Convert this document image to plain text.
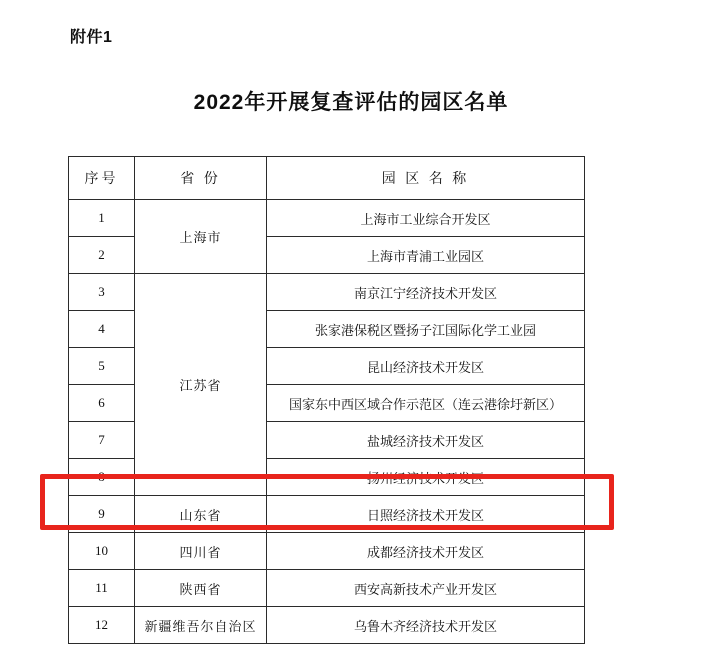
附件1
2022年开展复查评估的园区名单
序号	省 份	园 区 名 称
1	上海市	上海市工业综合开发区
2		上海市青浦工业园区
3	江苏省	南京江宁经济技术开发区
4		张家港保税区暨扬子江国际化学工业园
5		昆山经济技术开发区
6		国家东中西区域合作示范区（连云港徐圩新区）
7		盐城经济技术开发区
8		扬州经济技术开发区
9	山东省	日照经济技术开发区
10	四川省	成都经济技术开发区
11	陕西省	西安高新技术产业开发区
12	新疆维吾尔自治区	乌鲁木齐经济技术开发区
